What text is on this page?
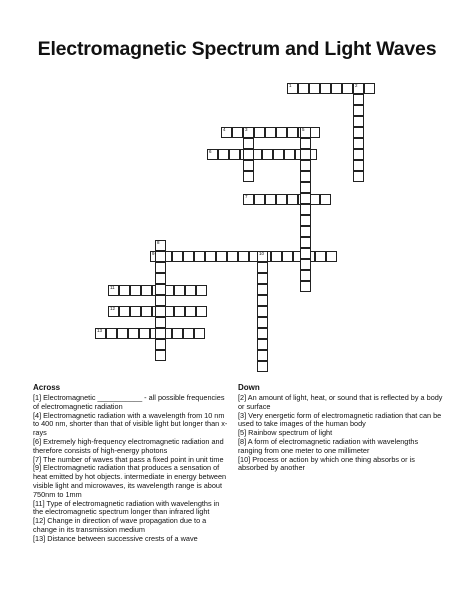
Electromagnetic Spectrum and Light Waves
1	2
4	3
6
7
9
11
12
13
5
8
10
Across
[1] Electromagnetic ___________ - all possible frequencies of electromagnetic radiation
[4] Electromagnetic radiation with a wavelength from 10 nm to 400 nm, shorter than that of visible light but longer than x-rays
[6] Extremely high-frequency electromagnetic radiation and therefore consists of high-energy photons
[7] The number of waves that pass a fixed point in unit time
[9] Electromagnetic radiation that produces a sensation of heat emitted by hot objects. intermediate in energy between visible light and microwaves, its wavelength range is about 750nm to 1mm
[11] Type of electromagnetic radiation with wavelengths in the electromagnetic spectrum longer than infrared light
[12] Change in direction of wave propagation due to a change in its transmission medium
[13] Distance between successive crests of a wave
Down
[2] An amount of light, heat, or sound that is reflected by a body or surface
[3] Very energetic form of electromagnetic radiation that can be used to take images of the human body
[5] Rainbow spectrum of light
[8] A form of electromagnetic radiation with wavelengths ranging from one meter to one millimeter
[10] Process or action by which one thing absorbs or is absorbed by another
